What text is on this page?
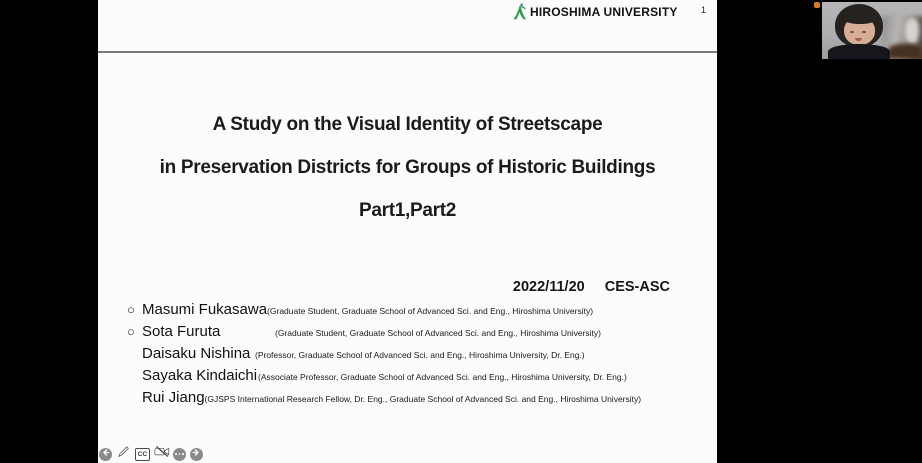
HIROSHIMA UNIVERSITY	1
A Study on the Visual Identity of Streetscape
in Preservation Districts for Groups of Historic Buildings
Part1,Part2
2022/11/20 CES-ASC
○ Masumi Fukasawa (Graduate Student, Graduate School of Advanced Sci. and Eng., Hiroshima University)
○ Sota Furuta	(Graduate Student, Graduate School of Advanced Sci. and Eng., Hiroshima University)
Daisaku Nishina (Professor, Graduate School of Advanced Sci. and Eng., Hiroshima University, Dr. Eng.)
Sayaka Kindaichi (Associate Professor, Graduate School of Advanced Sci. and Eng., Hiroshima University, Dr. Eng.)
Rui Jiang (GJSPS International Research Fellow, Dr. Eng., Graduate School of Advanced Sci. and Eng., Hiroshima University)
CC
